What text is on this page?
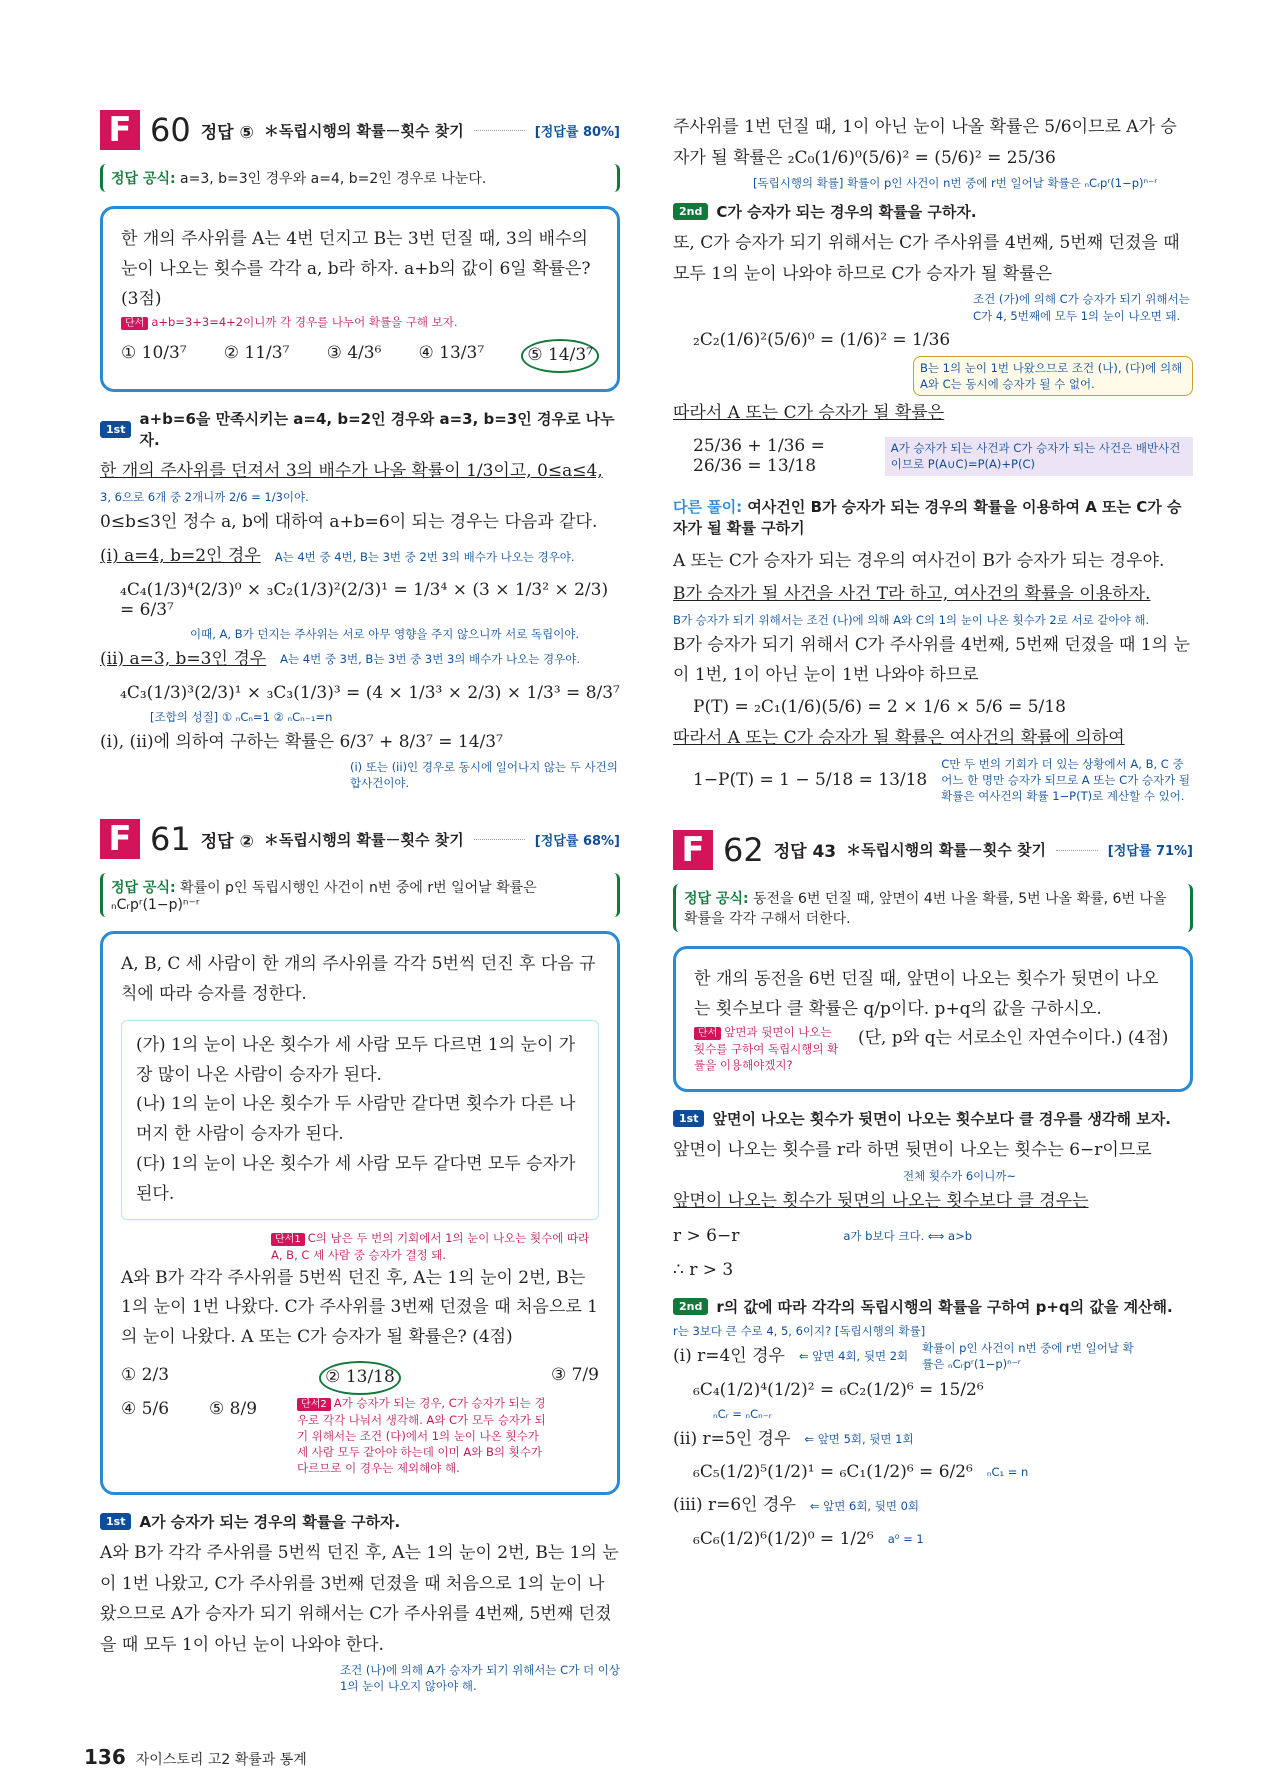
F 60 정답 ⑤ ＊독립시행의 확률－횟수 찾기	[정답률 80%]
정답 공식: a=3, b=3인 경우와 a=4, b=2인 경우로 나눈다.
한 개의 주사위를 A는 4번 던지고 B는 3번 던질 때, 3의 배수의 눈이 나오는 횟수를 각각 a, b라 하자. a+b의 값이 6일 확률은? (3점)
단서 a+b=3+3=4+2이니까 각 경우를 나누어 확률을 구해 보자.
① 10/3⁷ ② 11/3⁷ ③ 4/3⁶ ④ 13/3⁷	⑤ 14/3⁷
1st
a+b=6을 만족시키는 a=4, b=2인 경우와 a=3, b=3인 경우로 나누자.
한 개의 주사위를 던져서 3의 배수가 나올 확률이 1/3이고, 0≤a≤4,
3, 6으로 6개 중 2개니까 2/6 = 1/3이야.
0≤b≤3인 정수 a, b에 대하여 a+b=6이 되는 경우는 다음과 같다.
(i) a=4, b=2인 경우 A는 4번 중 4번, B는 3번 중 2번 3의 배수가 나오는 경우야.
₄C₄(1/3)⁴(2/3)⁰ × ₃C₂(1/3)²(2/3)¹ = 1/3⁴ × (3 × 1/3² × 2/3) = 6/3⁷
이때, A, B가 던지는 주사위는 서로 아무 영향을 주지 않으니까 서로 독립이야.
(ii) a=3, b=3인 경우 A는 4번 중 3번, B는 3번 중 3번 3의 배수가 나오는 경우야.
₄C₃(1/3)³(2/3)¹ × ₃C₃(1/3)³ = (4 × 1/3³ × 2/3) × 1/3³ = 8/3⁷
[조합의 성질] ① ₙCₙ=1 ② ₙCₙ₋₁=n
(i), (ii)에 의하여 구하는 확률은 6/3⁷ + 8/3⁷ = 14/3⁷
(i) 또는 (ii)인 경우로 동시에 일어나지 않는 두 사건의 합사건이야.
F 61 정답 ② ＊독립시행의 확률－횟수 찾기	[정답률 68%]
정답 공식: 확률이 p인 독립시행인 사건이 n번 중에 r번 일어날 확률은 ₙCᵣpʳ(1−p)ⁿ⁻ʳ
A, B, C 세 사람이 한 개의 주사위를 각각 5번씩 던진 후 다음 규칙에 따라 승자를 정한다.
(가) 1의 눈이 나온 횟수가 세 사람 모두 다르면 1의 눈이 가장 많이 나온 사람이 승자가 된다.
(나) 1의 눈이 나온 횟수가 두 사람만 같다면 횟수가 다른 나머지 한 사람이 승자가 된다.
(다) 1의 눈이 나온 횟수가 세 사람 모두 같다면 모두 승자가 된다.
단서1 C의 남은 두 번의 기회에서 1의 눈이 나오는 횟수에 따라 A, B, C 세 사람 중 승자가 결정 돼.
A와 B가 각각 주사위를 5번씩 던진 후, A는 1의 눈이 2번, B는 1의 눈이 1번 나왔다. C가 주사위를 3번째 던졌을 때 처음으로 1의 눈이 나왔다. A 또는 C가 승자가 될 확률은? (4점)
① 2/3	② 13/18	③ 7/9
④ 5/6 ⑤ 8/9	단서2 A가 승자가 되는 경우, C가 승자가 되는 경우로 각각 나눠서 생각해. A와 C가 모두 승자가 되기 위해서는 조건 (다)에서 1의 눈이 나온 횟수가 세 사람 모두 같아야 하는데 이미 A와 B의 횟수가 다르므로 이 경우는 제외해야 해.
1st A가 승자가 되는 경우의 확률을 구하자.
A와 B가 각각 주사위를 5번씩 던진 후, A는 1의 눈이 2번, B는 1의 눈이 1번 나왔고, C가 주사위를 3번째 던졌을 때 처음으로 1의 눈이 나왔으므로 A가 승자가 되기 위해서는 C가 주사위를 4번째, 5번째 던졌을 때 모두 1이 아닌 눈이 나와야 한다.
조건 (나)에 의해 A가 승자가 되기 위해서는 C가 더 이상 1의 눈이 나오지 않아야 해.
주사위를 1번 던질 때, 1이 아닌 눈이 나올 확률은 5/6이므로 A가 승자가 될 확률은 ₂C₀(1/6)⁰(5/6)² = (5/6)² = 25/36
[독립시행의 확률] 확률이 p인 사건이 n번 중에 r번 일어날 확률은 ₙCᵣpʳ(1−p)ⁿ⁻ʳ
2nd C가 승자가 되는 경우의 확률을 구하자.
또, C가 승자가 되기 위해서는 C가 주사위를 4번째, 5번째 던졌을 때 모두 1의 눈이 나와야 하므로 C가 승자가 될 확률은
조건 (가)에 의해 C가 승자가 되기 위해서는 C가 4, 5번째에 모두 1의 눈이 나오면 돼.
₂C₂(1/6)²(5/6)⁰ = (1/6)² = 1/36
B는 1의 눈이 1번 나왔으므로 조건 (나), (다)에 의해 A와 C는 동시에 승자가 될 수 없어.
따라서 A 또는 C가 승자가 될 확률은
25/36 + 1/36 = 26/36 = 13/18
A가 승자가 되는 사건과 C가 승자가 되는 사건은 배반사건이므로 P(A∪C)=P(A)+P(C)
다른 풀이: 여사건인 B가 승자가 되는 경우의 확률을 이용하여 A 또는 C가 승자가 될 확률 구하기
A 또는 C가 승자가 되는 경우의 여사건이 B가 승자가 되는 경우야.
B가 승자가 될 사건을 사건 T라 하고, 여사건의 확률을 이용하자.
B가 승자가 되기 위해서는 조건 (나)에 의해 A와 C의 1의 눈이 나온 횟수가 2로 서로 같아야 해.
B가 승자가 되기 위해서 C가 주사위를 4번째, 5번째 던졌을 때 1의 눈이 1번, 1이 아닌 눈이 1번 나와야 하므로
P(T) = ₂C₁(1/6)(5/6) = 2 × 1/6 × 5/6 = 5/18
따라서 A 또는 C가 승자가 될 확률은 여사건의 확률에 의하여
1−P(T) = 1 − 5/18 = 13/18
C만 두 번의 기회가 더 있는 상황에서 A, B, C 중 어느 한 명만 승자가 되므로 A 또는 C가 승자가 될 확률은 여사건의 확률 1−P(T)로 계산할 수 있어.
F 62 정답 43 ＊독립시행의 확률－횟수 찾기	[정답률 71%]
정답 공식: 동전을 6번 던질 때, 앞면이 4번 나올 확률, 5번 나올 확률, 6번 나올 확률을 각각 구해서 더한다.
한 개의 동전을 6번 던질 때, 앞면이 나오는 횟수가 뒷면이 나오는 횟수보다 클 확률은 q/p이다. p+q의 값을 구하시오.
단서 앞면과 뒷면이 나오는 횟수를 구하여 독립시행의 확률을 이용해야겠지?
(단, p와 q는 서로소인 자연수이다.) (4점)
1st 앞면이 나오는 횟수가 뒷면이 나오는 횟수보다 클 경우를 생각해 보자.
앞면이 나오는 횟수를 r라 하면 뒷면이 나오는 횟수는 6−r이므로
전체 횟수가 6이니까~
앞면이 나오는 횟수가 뒷면의 나오는 횟수보다 클 경우는
r > 6−r	a가 b보다 크다. ⟺ a>b
∴ r > 3
2nd r의 값에 따라 각각의 독립시행의 확률을 구하여 p+q의 값을 계산해.
r는 3보다 큰 수로 4, 5, 6이지? [독립시행의 확률]
(i) r=4인 경우 ⇐ 앞면 4회, 뒷면 2회
확률이 p인 사건이 n번 중에 r번 일어날 확률은 ₙCᵣpʳ(1−p)ⁿ⁻ʳ
₆C₄(1/2)⁴(1/2)² = ₆C₂(1/2)⁶ = 15/2⁶
ₙCᵣ = ₙCₙ₋ᵣ
(ii) r=5인 경우 ⇐ 앞면 5회, 뒷면 1회
₆C₅(1/2)⁵(1/2)¹ = ₆C₁(1/2)⁶ = 6/2⁶ ₙC₁ = n
(iii) r=6인 경우 ⇐ 앞면 6회, 뒷면 0회
₆C₆(1/2)⁶(1/2)⁰ = 1/2⁶ a⁰ = 1
136 자이스토리 고2 확률과 통계
